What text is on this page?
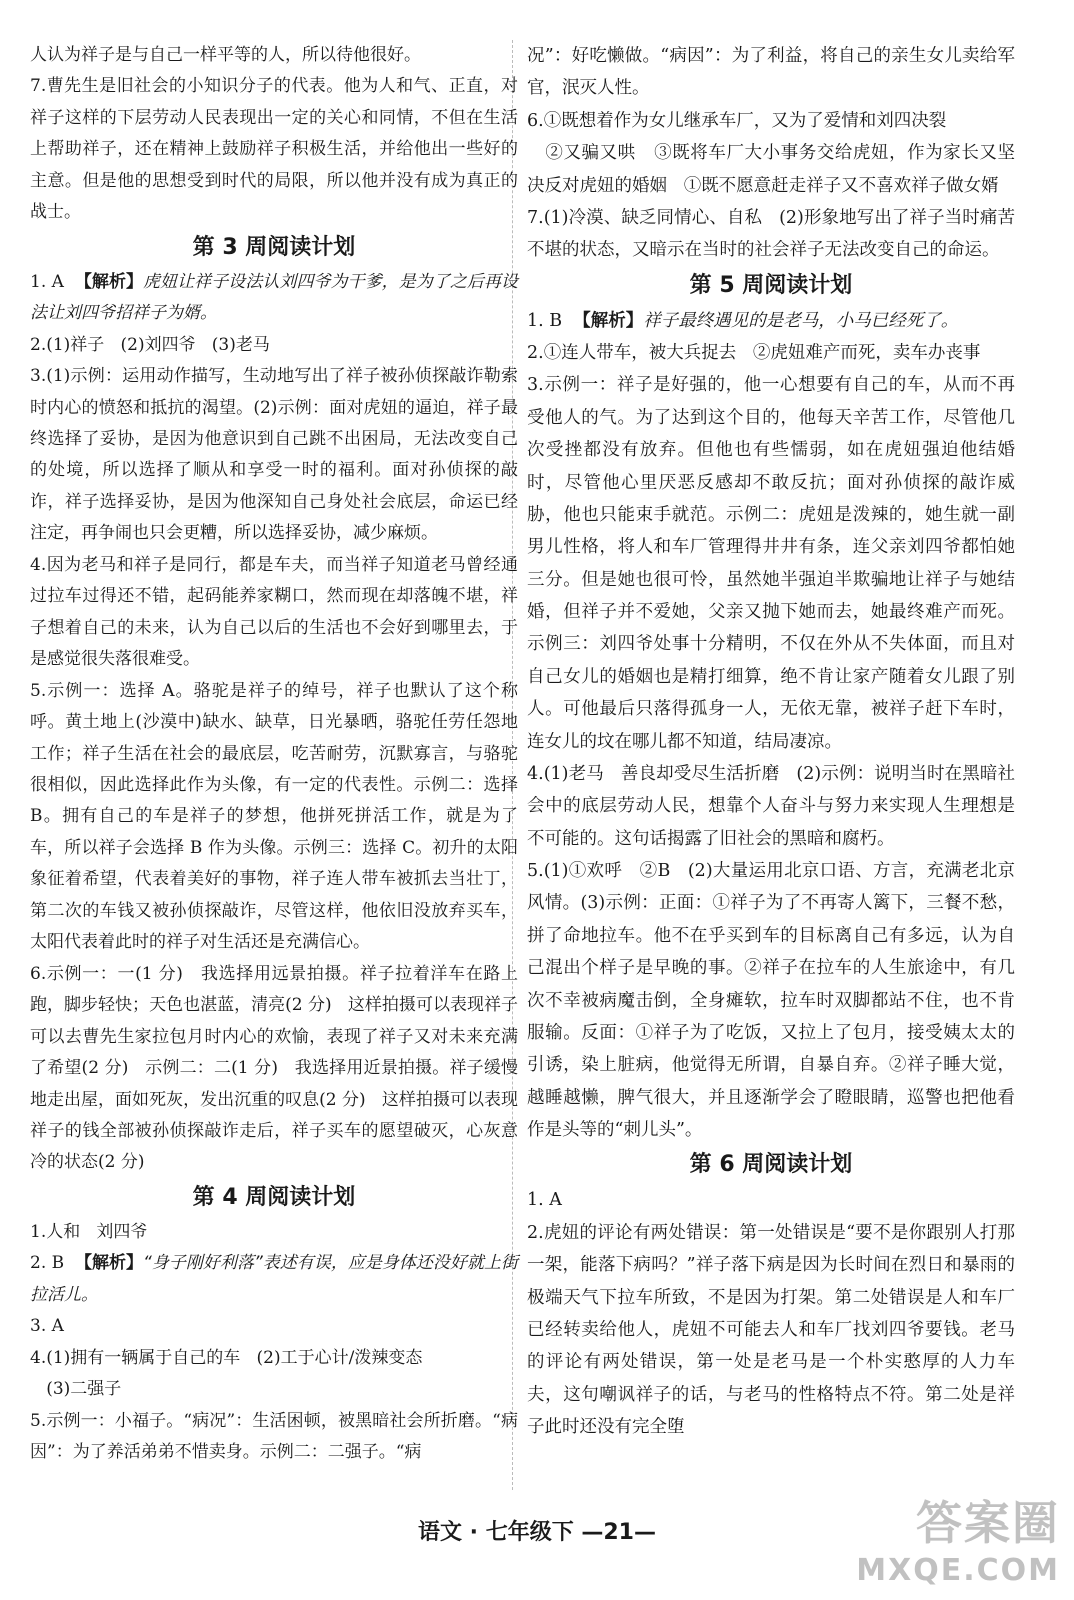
人认为祥子是与自己一样平等的人，所以待他很好。

7.曹先生是旧社会的小知识分子的代表。他为人和气、正直，对祥子这样的下层劳动人民表现出一定的关心和同情，不但在生活上帮助祥子，还在精神上鼓励祥子积极生活，并给他出一些好的主意。但是他的思想受到时代的局限，所以他并没有成为真正的战士。

第 3 周阅读计划

1. A  【解析】虎妞让祥子设法认刘四爷为干爹，是为了之后再设法让刘四爷招祥子为婿。

2.(1)祥子   (2)刘四爷   (3)老马

3.(1)示例：运用动作描写，生动地写出了祥子被孙侦探敲诈勒索时内心的愤怒和抵抗的渴望。(2)示例：面对虎妞的逼迫，祥子最终选择了妥协，是因为他意识到自己跳不出困局，无法改变自己的处境，所以选择了顺从和享受一时的福利。面对孙侦探的敲诈，祥子选择妥协，是因为他深知自己身处社会底层，命运已经注定，再争闹也只会更糟，所以选择妥协，减少麻烦。

4.因为老马和祥子是同行，都是车夫，而当祥子知道老马曾经通过拉车过得还不错，起码能养家糊口，然而现在却落魄不堪，祥子想着自己的未来，认为自己以后的生活也不会好到哪里去，于是感觉很失落很难受。

5.示例一：选择 A。骆驼是祥子的绰号，祥子也默认了这个称呼。黄土地上(沙漠中)缺水、缺草，日光暴晒，骆驼任劳任怨地工作；祥子生活在社会的最底层，吃苦耐劳，沉默寡言，与骆驼很相似，因此选择此作为头像，有一定的代表性。示例二：选择 B。拥有自己的车是祥子的梦想，他拼死拼活工作，就是为了车，所以祥子会选择 B 作为头像。示例三：选择 C。初升的太阳象征着希望，代表着美好的事物，祥子连人带车被抓去当壮丁，第二次的车钱又被孙侦探敲诈，尽管这样，他依旧没放弃买车，太阳代表着此时的祥子对生活还是充满信心。

6.示例一：一(1 分)   我选择用远景拍摄。祥子拉着洋车在路上跑，脚步轻快；天色也湛蓝，清亮(2 分)   这样拍摄可以表现祥子可以去曹先生家拉包月时内心的欢愉，表现了祥子又对未来充满了希望(2 分)   示例二：二(1 分)   我选择用近景拍摄。祥子缓慢地走出屋，面如死灰，发出沉重的叹息(2 分)   这样拍摄可以表现祥子的钱全部被孙侦探敲诈走后，祥子买车的愿望破灭，心灰意冷的状态(2 分)

第 4 周阅读计划

1.人和   刘四爷

2. B  【解析】“身子刚好利落”表述有误，应是身体还没好就上街拉活儿。

3. A

4.(1)拥有一辆属于自己的车   (2)工于心计/泼辣变态
(3)二强子

5.示例一：小福子。“病况”：生活困顿，被黑暗社会所折磨。“病因”：为了养活弟弟不惜卖身。示例二：二强子。“病

况”：好吃懒做。“病因”：为了利益，将自己的亲生女儿卖给军官，泯灭人性。

6.①既想着作为女儿继承车厂，又为了爱情和刘四决裂
②又骗又哄   ③既将车厂大小事务交给虎妞，作为家长又坚决反对虎妞的婚姻   ①既不愿意赶走祥子又不喜欢祥子做女婿

7.(1)冷漠、缺乏同情心、自私   (2)形象地写出了祥子当时痛苦不堪的状态，又暗示在当时的社会祥子无法改变自己的命运。

第 5 周阅读计划

1. B  【解析】祥子最终遇见的是老马，小马已经死了。

2.①连人带车，被大兵捉去   ②虎妞难产而死，卖车办丧事

3.示例一：祥子是好强的，他一心想要有自己的车，从而不再受他人的气。为了达到这个目的，他每天辛苦工作，尽管他几次受挫都没有放弃。但他也有些懦弱，如在虎妞强迫他结婚时，尽管他心里厌恶反感却不敢反抗；面对孙侦探的敲诈威胁，他也只能束手就范。示例二：虎妞是泼辣的，她生就一副男儿性格，将人和车厂管理得井井有条，连父亲刘四爷都怕她三分。但是她也很可怜，虽然她半强迫半欺骗地让祥子与她结婚，但祥子并不爱她，父亲又抛下她而去，她最终难产而死。示例三：刘四爷处事十分精明，不仅在外从不失体面，而且对自己女儿的婚姻也是精打细算，绝不肯让家产随着女儿跟了别人。可他最后只落得孤身一人，无依无靠，被祥子赶下车时，连女儿的坟在哪儿都不知道，结局凄凉。

4.(1)老马   善良却受尽生活折磨   (2)示例：说明当时在黑暗社会中的底层劳动人民，想靠个人奋斗与努力来实现人生理想是不可能的。这句话揭露了旧社会的黑暗和腐朽。

5.(1)①欢呼   ②B   (2)大量运用北京口语、方言，充满老北京风情。(3)示例：正面：①祥子为了不再寄人篱下，三餐不愁，拼了命地拉车。他不在乎买到车的目标离自己有多远，认为自己混出个样子是早晚的事。②祥子在拉车的人生旅途中，有几次不幸被病魔击倒，全身瘫软，拉车时双脚都站不住，也不肯服输。反面：①祥子为了吃饭，又拉上了包月，接受姨太太的引诱，染上脏病，他觉得无所谓，自暴自弃。②祥子睡大觉，越睡越懒，脾气很大，并且逐渐学会了瞪眼睛，巡警也把他看作是头等的“刺儿头”。

第 6 周阅读计划

1. A

2.虎妞的评论有两处错误：第一处错误是“要不是你跟别人打那一架，能落下病吗？”祥子落下病是因为长时间在烈日和暴雨的极端天气下拉车所致，不是因为打架。第二处错误是人和车厂已经转卖给他人，虎妞不可能去人和车厂找刘四爷要钱。老马的评论有两处错误，第一处是老马是一个朴实憨厚的人力车夫，这句嘲讽祥子的话，与老马的性格特点不符。第二处是祥子此时还没有完全堕

语文 · 七年级下 —21—	答案圈
MXQE.COM
